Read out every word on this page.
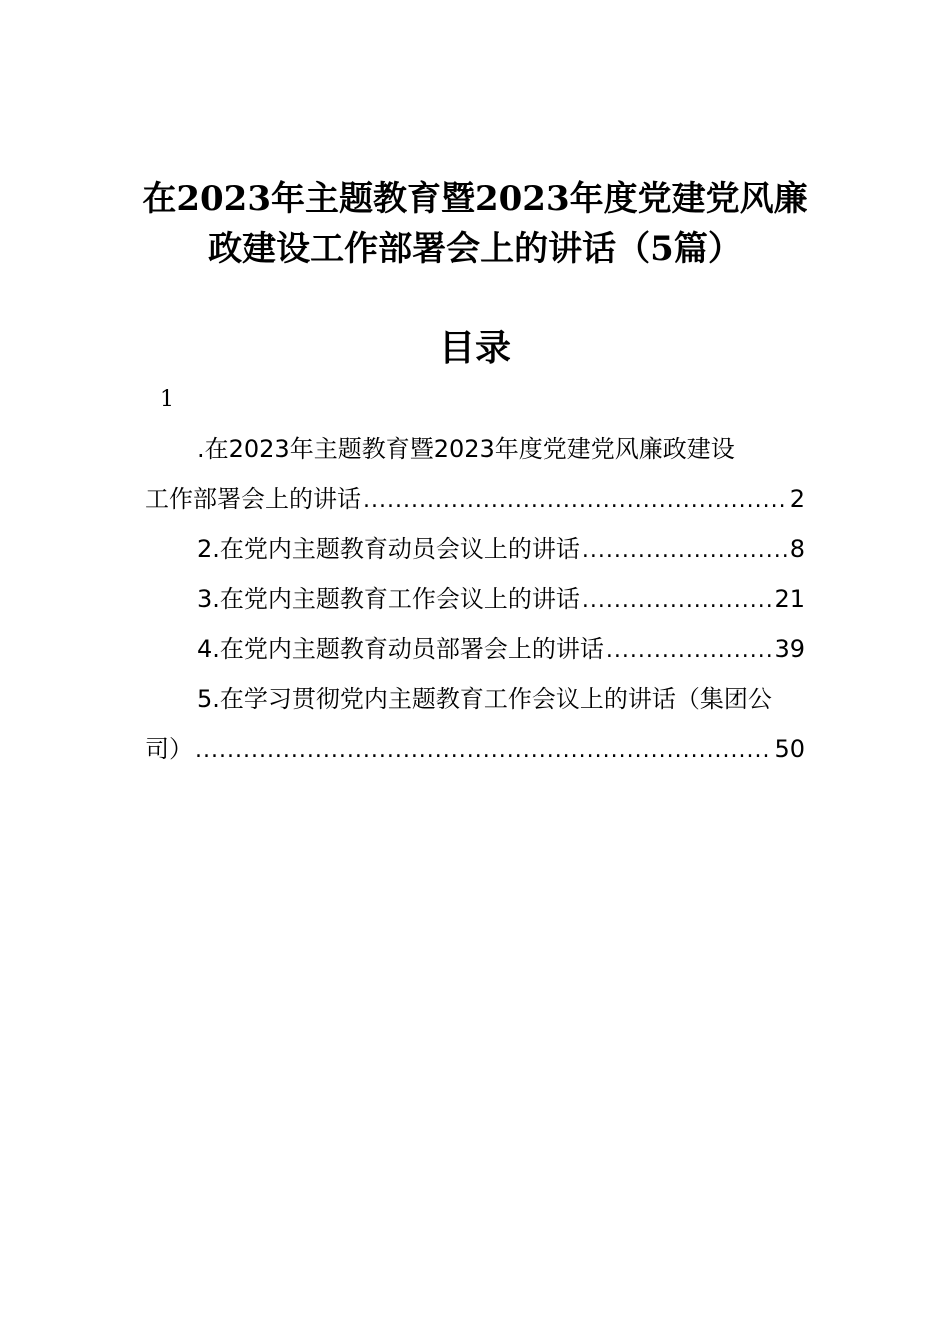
在2023年主题教育暨2023年度党建党风廉
政建设工作部署会上的讲话（5篇）
目录
1
.在2023年主题教育暨2023年度党建党风廉政建设
工作部署会上的讲话 .....	2
2.在党内主题教育动员会议上的讲话 .....	8
3.在党内主题教育工作会议上的讲话 .....	21
4.在党内主题教育动员部署会上的讲话 .....	39
5.在学习贯彻党内主题教育工作会议上的讲话（集团公
司） .....	50
